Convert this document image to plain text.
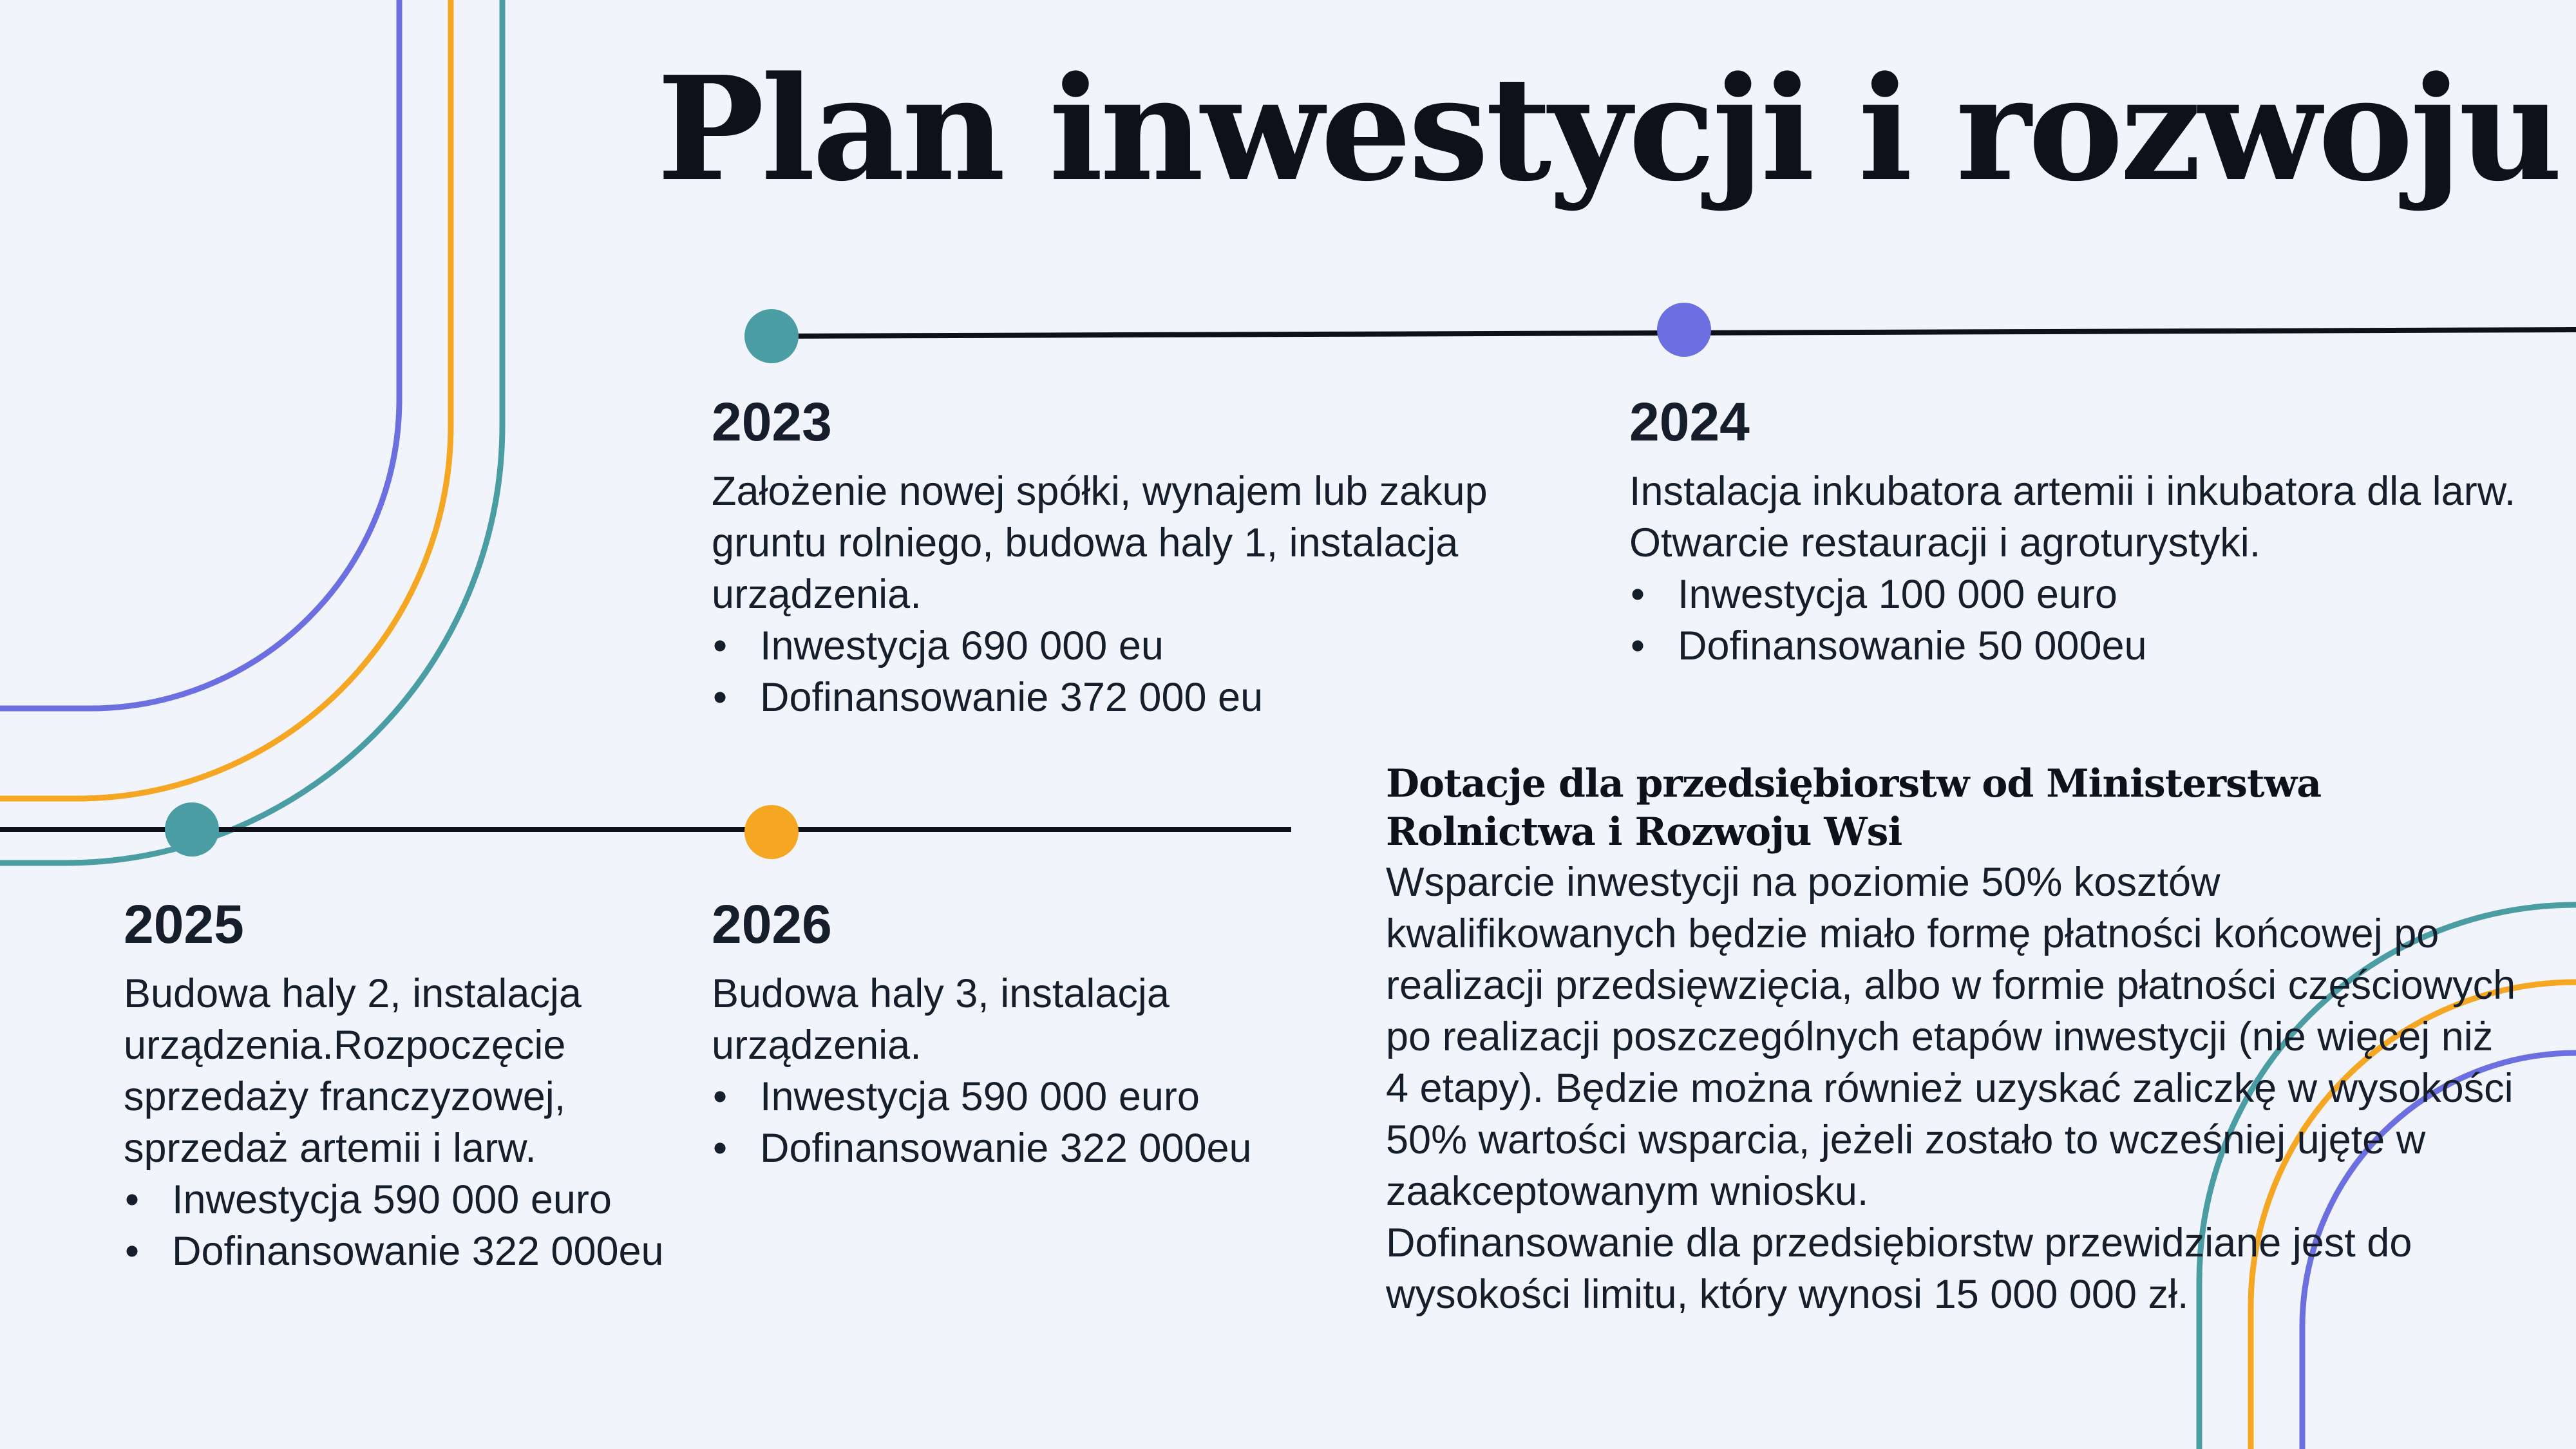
Plan inwestycji i rozwoju
2023

Założenie nowej spółki, wynajem lub zakup gruntu rolniego, budowa haly 1, instalacja urządzenia.

• Inwestycja 690 000 eu
• Dofinansowanie 372 000 eu
2024

Instalacja inkubatora artemii i inkubatora dla larw. Otwarcie restauracji i agroturystyki.

• Inwestycja 100 000 euro
• Dofinansowanie 50 000eu
2025

Budowa haly 2, instalacja urządzenia.Rozpoczęcie sprzedaży franczyzowej, sprzedaż artemii i larw.

• Inwestycja 590 000 euro
• Dofinansowanie 322 000eu
2026

Budowa haly 3, instalacja urządzenia.

• Inwestycja 590 000 euro
• Dofinansowanie 322 000eu
Dotacje dla przedsiębiorstw od Ministerstwa Rolnictwa i Rozwoju Wsi

Wsparcie inwestycji na poziomie 50% kosztów kwalifikowanych będzie miało formę płatności końcowej po realizacji przedsięwzięcia, albo w formie płatności częściowych po realizacji poszczególnych etapów inwestycji (nie więcej niż 4 etapy). Będzie można również uzyskać zaliczkę w wysokości 50% wartości wsparcia, jeżeli zostało to wcześniej ujęte w zaakceptowanym wniosku.

Dofinansowanie dla przedsiębiorstw przewidziane jest do wysokości limitu, który wynosi 15 000 000 zł.
